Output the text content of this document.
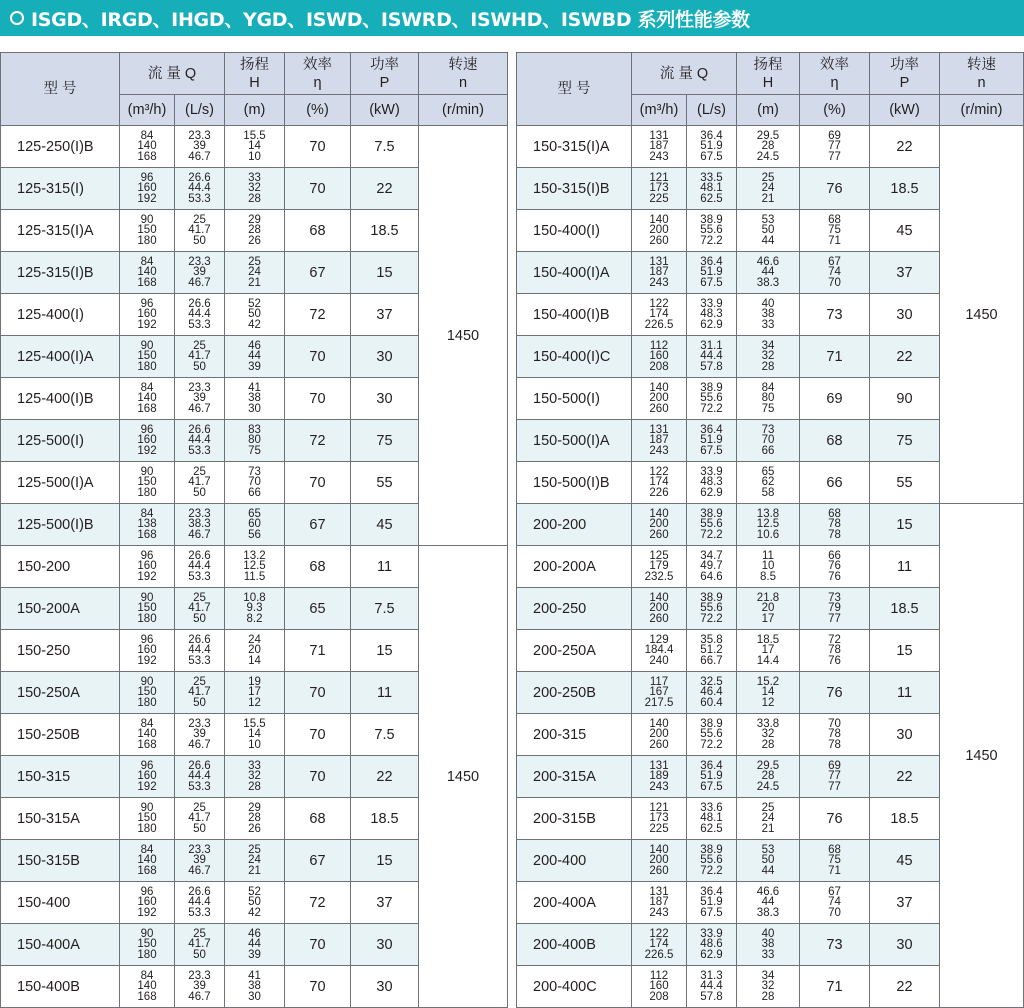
ISGD、IRGD、IHGD、YGD、ISWD、ISWRD、ISWHD、ISWBD 系列性能参数
型 号	流 量 Q		扬程
H	效率
η	功率
P	转速
n

	(m³/h)	(L/s)	(m)	(%)	(kW)	(r/min)
125-250(I)B	84
140
168	23.3
39
46.7	15.5
14
10	70	7.5	1450
125-315(I)	96
160
192	26.6
44.4
53.3	33
32
28	70	22	
125-315(I)A	90
150
180	25
41.7
50	29
28
26	68	18.5	
125-315(I)B	84
140
168	23.3
39
46.7	25
24
21	67	15	
125-400(I)	96
160
192	26.6
44.4
53.3	52
50
42	72	37	
125-400(I)A	90
150
180	25
41.7
50	46
44
39	70	30	
125-400(I)B	84
140
168	23.3
39
46.7	41
38
30	70	30	
125-500(I)	96
160
192	26.6
44.4
53.3	83
80
75	72	75	
125-500(I)A	90
150
180	25
41.7
50	73
70
66	70	55	
125-500(I)B	84
138
168	23.3
38.3
46.7	65
60
56	67	45	
150-200	96
160
192	26.6
44.4
53.3	13.2
12.5
11.5	68	11	1450
150-200A	90
150
180	25
41.7
50	10.8
9.3
8.2	65	7.5	
150-250	96
160
192	26.6
44.4
53.3	24
20
14	71	15	
150-250A	90
150
180	25
41.7
50	19
17
12	70	11	
150-250B	84
140
168	23.3
39
46.7	15.5
14
10	70	7.5	
150-315	96
160
192	26.6
44.4
53.3	33
32
28	70	22	
150-315A	90
150
180	25
41.7
50	29
28
26	68	18.5	
150-315B	84
140
168	23.3
39
46.7	25
24
21	67	15	
150-400	96
160
192	26.6
44.4
53.3	52
50
42	72	37	
150-400A	90
150
180	25
41.7
50	46
44
39	70	30	
150-400B	84
140
168	23.3
39
46.7	41
38
30	70	30	
型 号	流 量 Q		扬程
H	效率
η	功率
P	转速
n

	(m³/h)	(L/s)	(m)	(%)	(kW)	(r/min)
150-315(I)A	131
187
243	36.4
51.9
67.5	29.5
28
24.5	69
77
77	22	1450
150-315(I)B	121
173
225	33.5
48.1
62.5	25
24
21	76	18.5	
150-400(I)	140
200
260	38.9
55.6
72.2	53
50
44	68
75
71	45	
150-400(I)A	131
187
243	36.4
51.9
67.5	46.6
44
38.3	67
74
70	37	
150-400(I)B	122
174
226.5	33.9
48.3
62.9	40
38
33	73	30	
150-400(I)C	112
160
208	31.1
44.4
57.8	34
32
28	71	22	
150-500(I)	140
200
260	38.9
55.6
72.2	84
80
75	69	90	
150-500(I)A	131
187
243	36.4
51.9
67.5	73
70
66	68	75	
150-500(I)B	122
174
226	33.9
48.3
62.9	65
62
58	66	55	
200-200	140
200
260	38.9
55.6
72.2	13.8
12.5
10.6	68
78
78	15	1450
200-200A	125
179
232.5	34.7
49.7
64.6	11
10
8.5	66
76
76	11	
200-250	140
200
260	38.9
55.6
72.2	21.8
20
17	73
79
77	18.5	
200-250A	129
184.4
240	35.8
51.2
66.7	18.5
17
14.4	72
78
76	15	
200-250B	117
167
217.5	32.5
46.4
60.4	15.2
14
12	76	11	
200-315	140
200
260	38.9
55.6
72.2	33.8
32
28	70
78
78	30	
200-315A	131
189
243	36.4
51.9
67.5	29.5
28
24.5	69
77
77	22	
200-315B	121
173
225	33.6
48.1
62.5	25
24
21	76	18.5	
200-400	140
200
260	38.9
55.6
72.2	53
50
44	68
75
71	45	
200-400A	131
187
243	36.4
51.9
67.5	46.6
44
38.3	67
74
70	37	
200-400B	122
174
226.5	33.9
48.6
62.9	40
38
33	73	30	
200-400C	112
160
208	31.3
44.4
57.8	34
32
28	71	22	
